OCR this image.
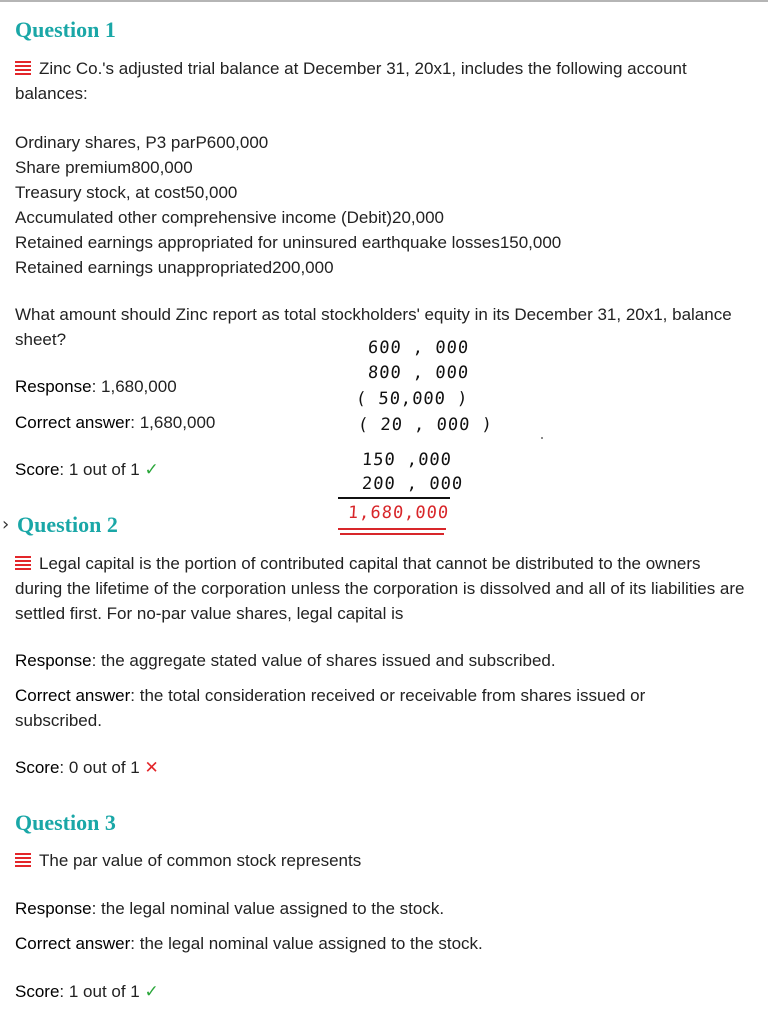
Question 1

Zinc Co.'s adjusted trial balance at December 31, 20x1, includes the following account balances:

Ordinary shares, P3 parP600,000
Share premium800,000
Treasury stock, at cost50,000
Accumulated other comprehensive income (Debit)20,000
Retained earnings appropriated for uninsured earthquake losses150,000
Retained earnings unappropriated200,000

What amount should Zinc report as total stockholders' equity in its December 31, 20x1, balance sheet?

Response: 1,680,000

Correct answer: 1,680,000

Score: 1 out of 1 ✓

600 , 000
800 , 000
( 50,000 )
( 20 , 000 )
150 ,000
200 , 000
1,680,000
› Question 2

Legal capital is the portion of contributed capital that cannot be distributed to the owners during the lifetime of the corporation unless the corporation is dissolved and all of its liabilities are settled first. For no-par value shares, legal capital is

Response: the aggregate stated value of shares issued and subscribed.

Correct answer: the total consideration received or receivable from shares issued or subscribed.

Score: 0 out of 1 ✕

Question 3

The par value of common stock represents

Response: the legal nominal value assigned to the stock.

Correct answer: the legal nominal value assigned to the stock.

Score: 1 out of 1 ✓
